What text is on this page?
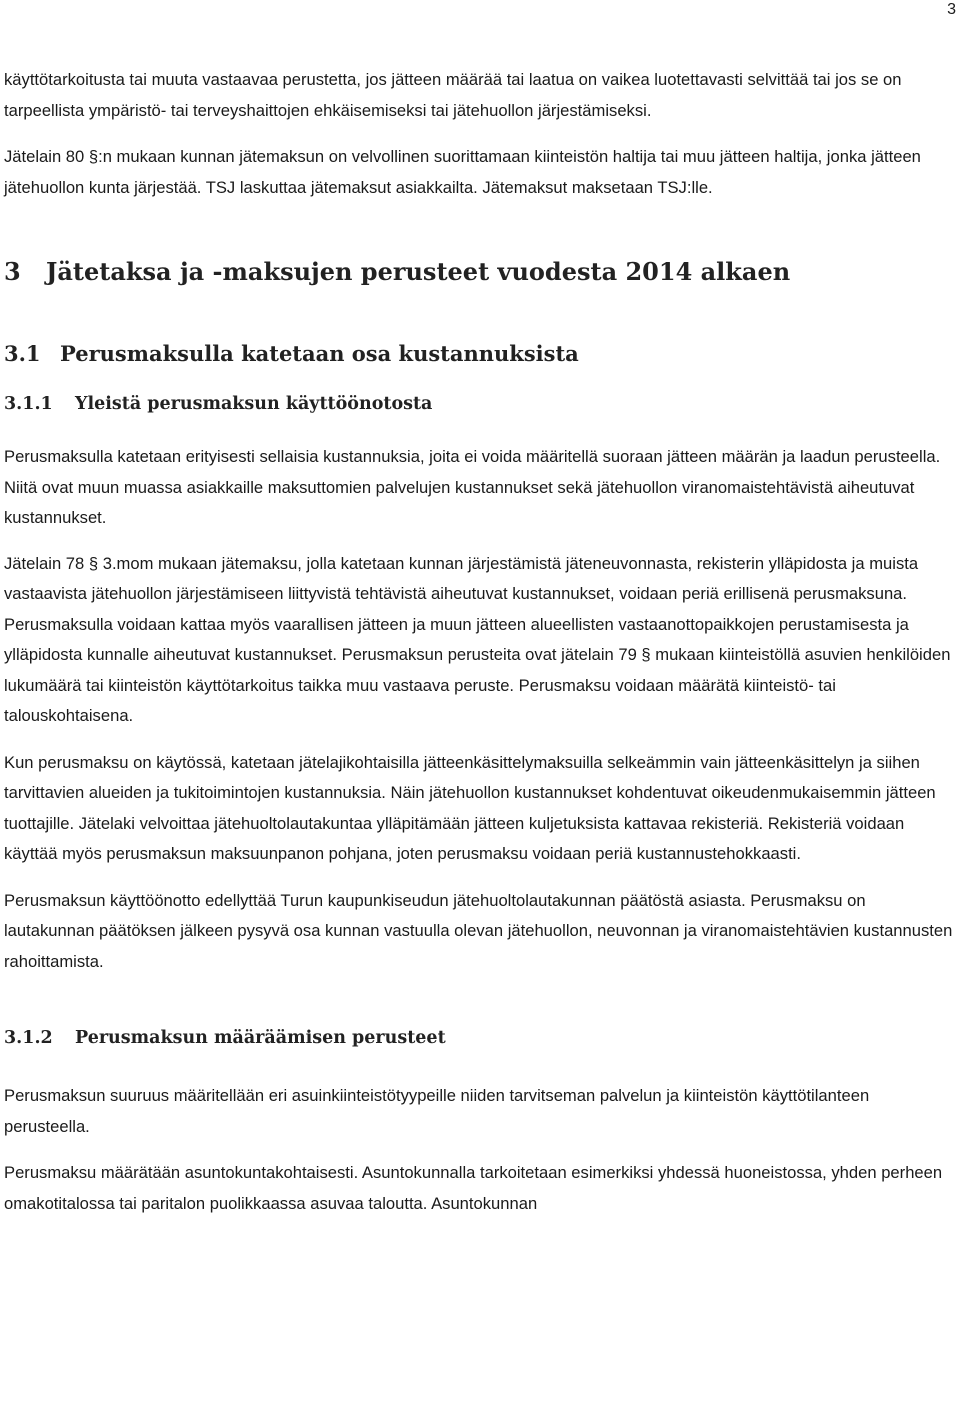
3

käyttötarkoitusta tai muuta vastaavaa perustetta, jos jätteen määrää tai laatua on vaikea luotettavasti selvittää tai jos se on tarpeellista ympäristö- tai terveyshaittojen ehkäisemiseksi tai jätehuollon järjestämiseksi.

Jätelain 80 §:n mukaan kunnan jätemaksun on velvollinen suorittamaan kiinteistön haltija tai muu jätteen haltija, jonka jätteen jätehuollon kunta järjestää. TSJ laskuttaa jätemaksut asiakkailta. Jätemaksut maksetaan TSJ:lle.

3 Jätetaksa ja -maksujen perusteet vuodesta 2014 alkaen
3.1 Perusmaksulla katetaan osa kustannuksista
3.1.1 Yleistä perusmaksun käyttöönotosta

Perusmaksulla katetaan erityisesti sellaisia kustannuksia, joita ei voida määritellä suoraan jätteen määrän ja laadun perusteella. Niitä ovat muun muassa asiakkaille maksuttomien palvelujen kustannukset sekä jätehuollon viranomaistehtävistä aiheutuvat kustannukset.

Jätelain 78 § 3.mom mukaan jätemaksu, jolla katetaan kunnan järjestämistä jäteneuvonnasta, rekisterin ylläpidosta ja muista vastaavista jätehuollon järjestämiseen liittyvistä tehtävistä aiheutuvat kustannukset, voidaan periä erillisenä perusmaksuna. Perusmaksulla voidaan kattaa myös vaarallisen jätteen ja muun jätteen alueellisten vastaanottopaikkojen perustamisesta ja ylläpidosta kunnalle aiheutuvat kustannukset. Perusmaksun perusteita ovat jätelain 79 § mukaan kiinteistöllä asuvien henkilöiden lukumäärä tai kiinteistön käyttötarkoitus taikka muu vastaava peruste. Perusmaksu voidaan määrätä kiinteistö- tai talouskohtaisena.

Kun perusmaksu on käytössä, katetaan jätelajikohtaisilla jätteenkäsittelymaksuilla selkeämmin vain jätteenkäsittelyn ja siihen tarvittavien alueiden ja tukitoimintojen kustannuksia. Näin jätehuollon kustannukset kohdentuvat oikeudenmukaisemmin jätteen tuottajille. Jätelaki velvoittaa jätehuoltolautakuntaa ylläpitämään jätteen kuljetuksista kattavaa rekisteriä. Rekisteriä voidaan käyttää myös perusmaksun maksuunpanon pohjana, joten perusmaksu voidaan periä kustannustehokkaasti.

Perusmaksun käyttöönotto edellyttää Turun kaupunkiseudun jätehuoltolautakunnan päätöstä asiasta. Perusmaksu on lautakunnan päätöksen jälkeen pysyvä osa kunnan vastuulla olevan jätehuollon, neuvonnan ja viranomaistehtävien kustannusten rahoittamista.

3.1.2 Perusmaksun määräämisen perusteet

Perusmaksun suuruus määritellään eri asuinkiinteistötyypeille niiden tarvitseman palvelun ja kiinteistön käyttötilanteen perusteella.

Perusmaksu määrätään asuntokuntakohtaisesti. Asuntokunnalla tarkoitetaan esimerkiksi yhdessä huoneistossa, yhden perheen omakotitalossa tai paritalon puolikkaassa asuvaa taloutta. Asuntokunnan
